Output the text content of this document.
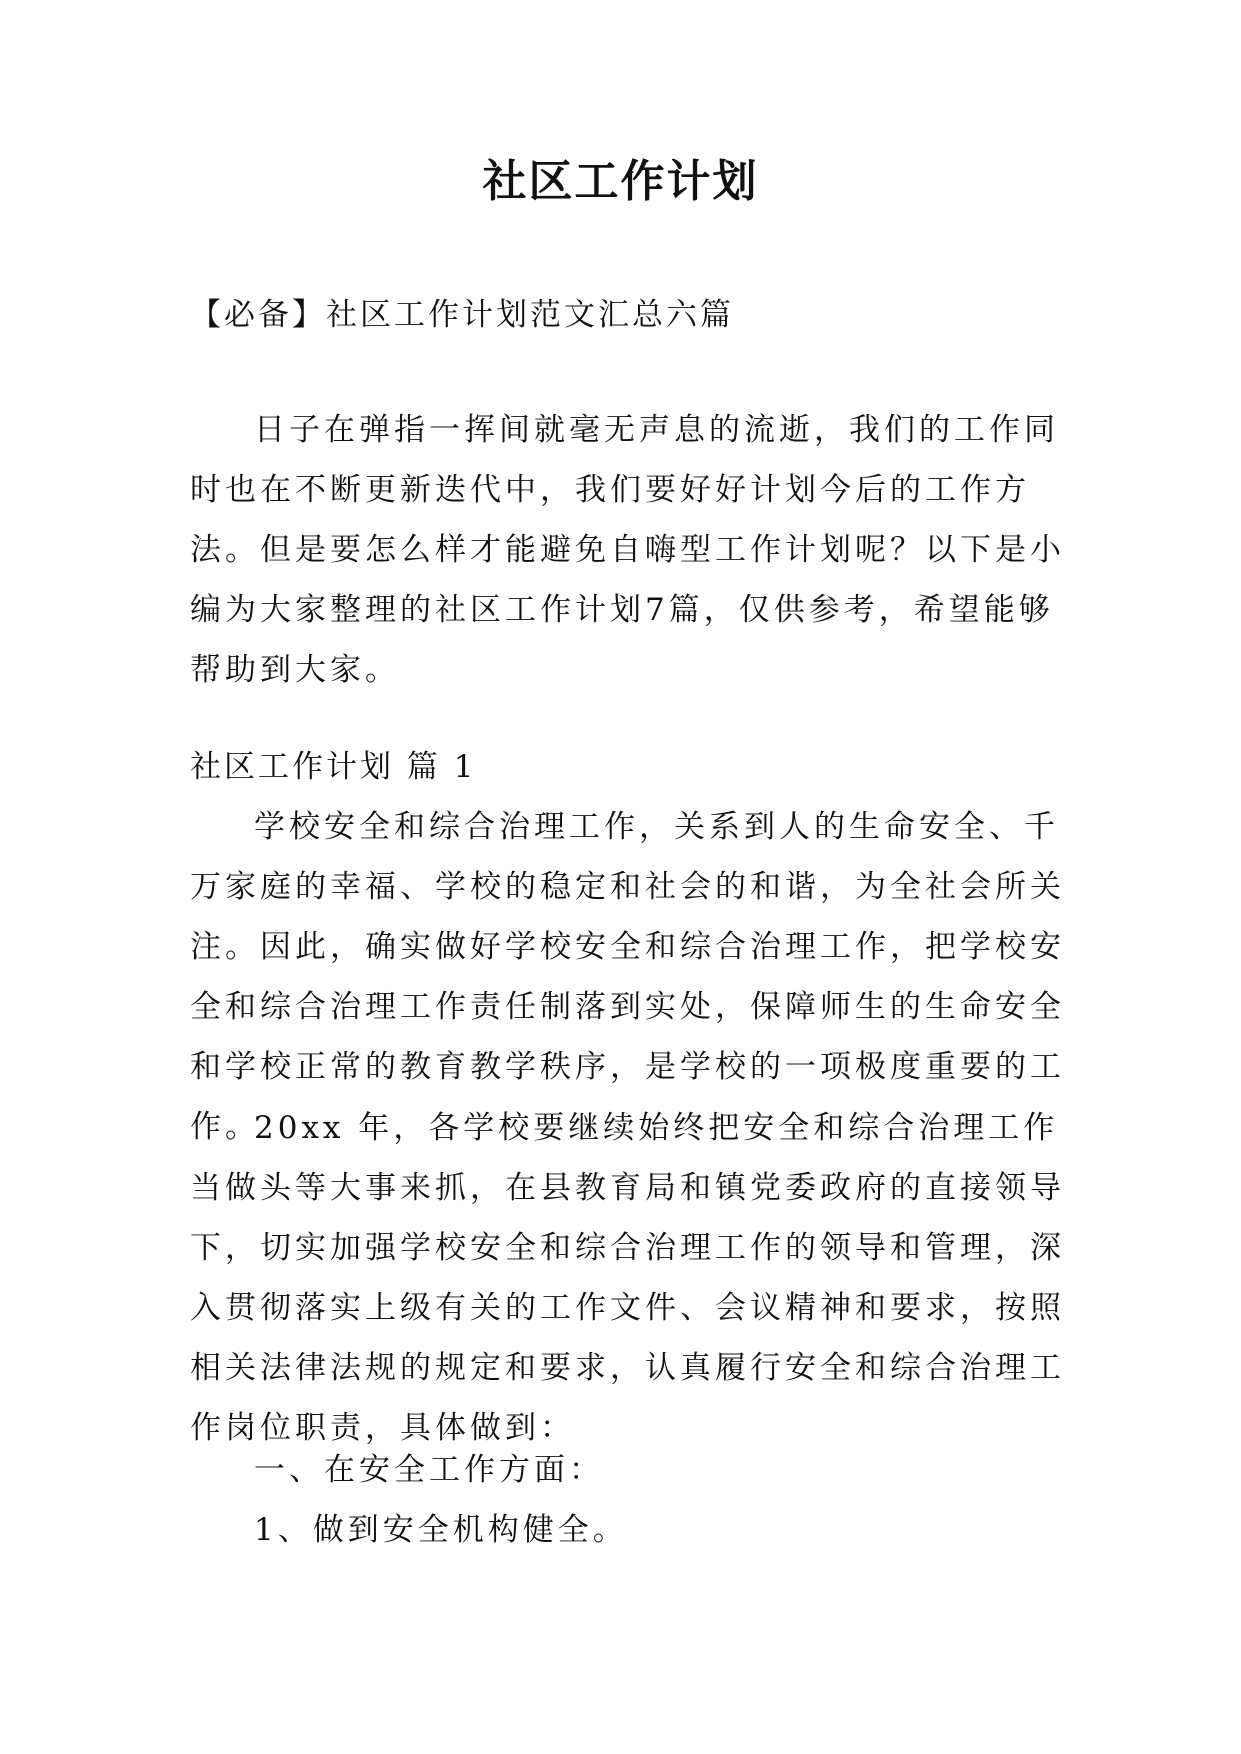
社区工作计划

【必备】社区工作计划范文汇总六篇

日子在弹指一挥间就毫无声息的流逝，我们的工作同时也在不断更新迭代中，我们要好好计划今后的工作方法。但是要怎么样才能避免自嗨型工作计划呢？以下是小编为大家整理的社区工作计划7篇，仅供参考，希望能够帮助到大家。

社区工作计划 篇 1

学校安全和综合治理工作，关系到人的生命安全、千万家庭的幸福、学校的稳定和社会的和谐，为全社会所关注。因此，确实做好学校安全和综合治理工作，把学校安全和综合治理工作责任制落到实处，保障师生的生命安全和学校正常的教育教学秩序，是学校的一项极度重要的工作。

20xx 年，各学校要继续始终把安全和综合治理工作当做头等大事来抓，在县教育局和镇党委政府的直接领导下，切实加强学校安全和综合治理工作的领导和管理，深入贯彻落实上级有关的工作文件、会议精神和要求，按照相关法律法规的规定和要求，认真履行安全和综合治理工作岗位职责，具体做到：

一、在安全工作方面：

1、做到安全机构健全。
